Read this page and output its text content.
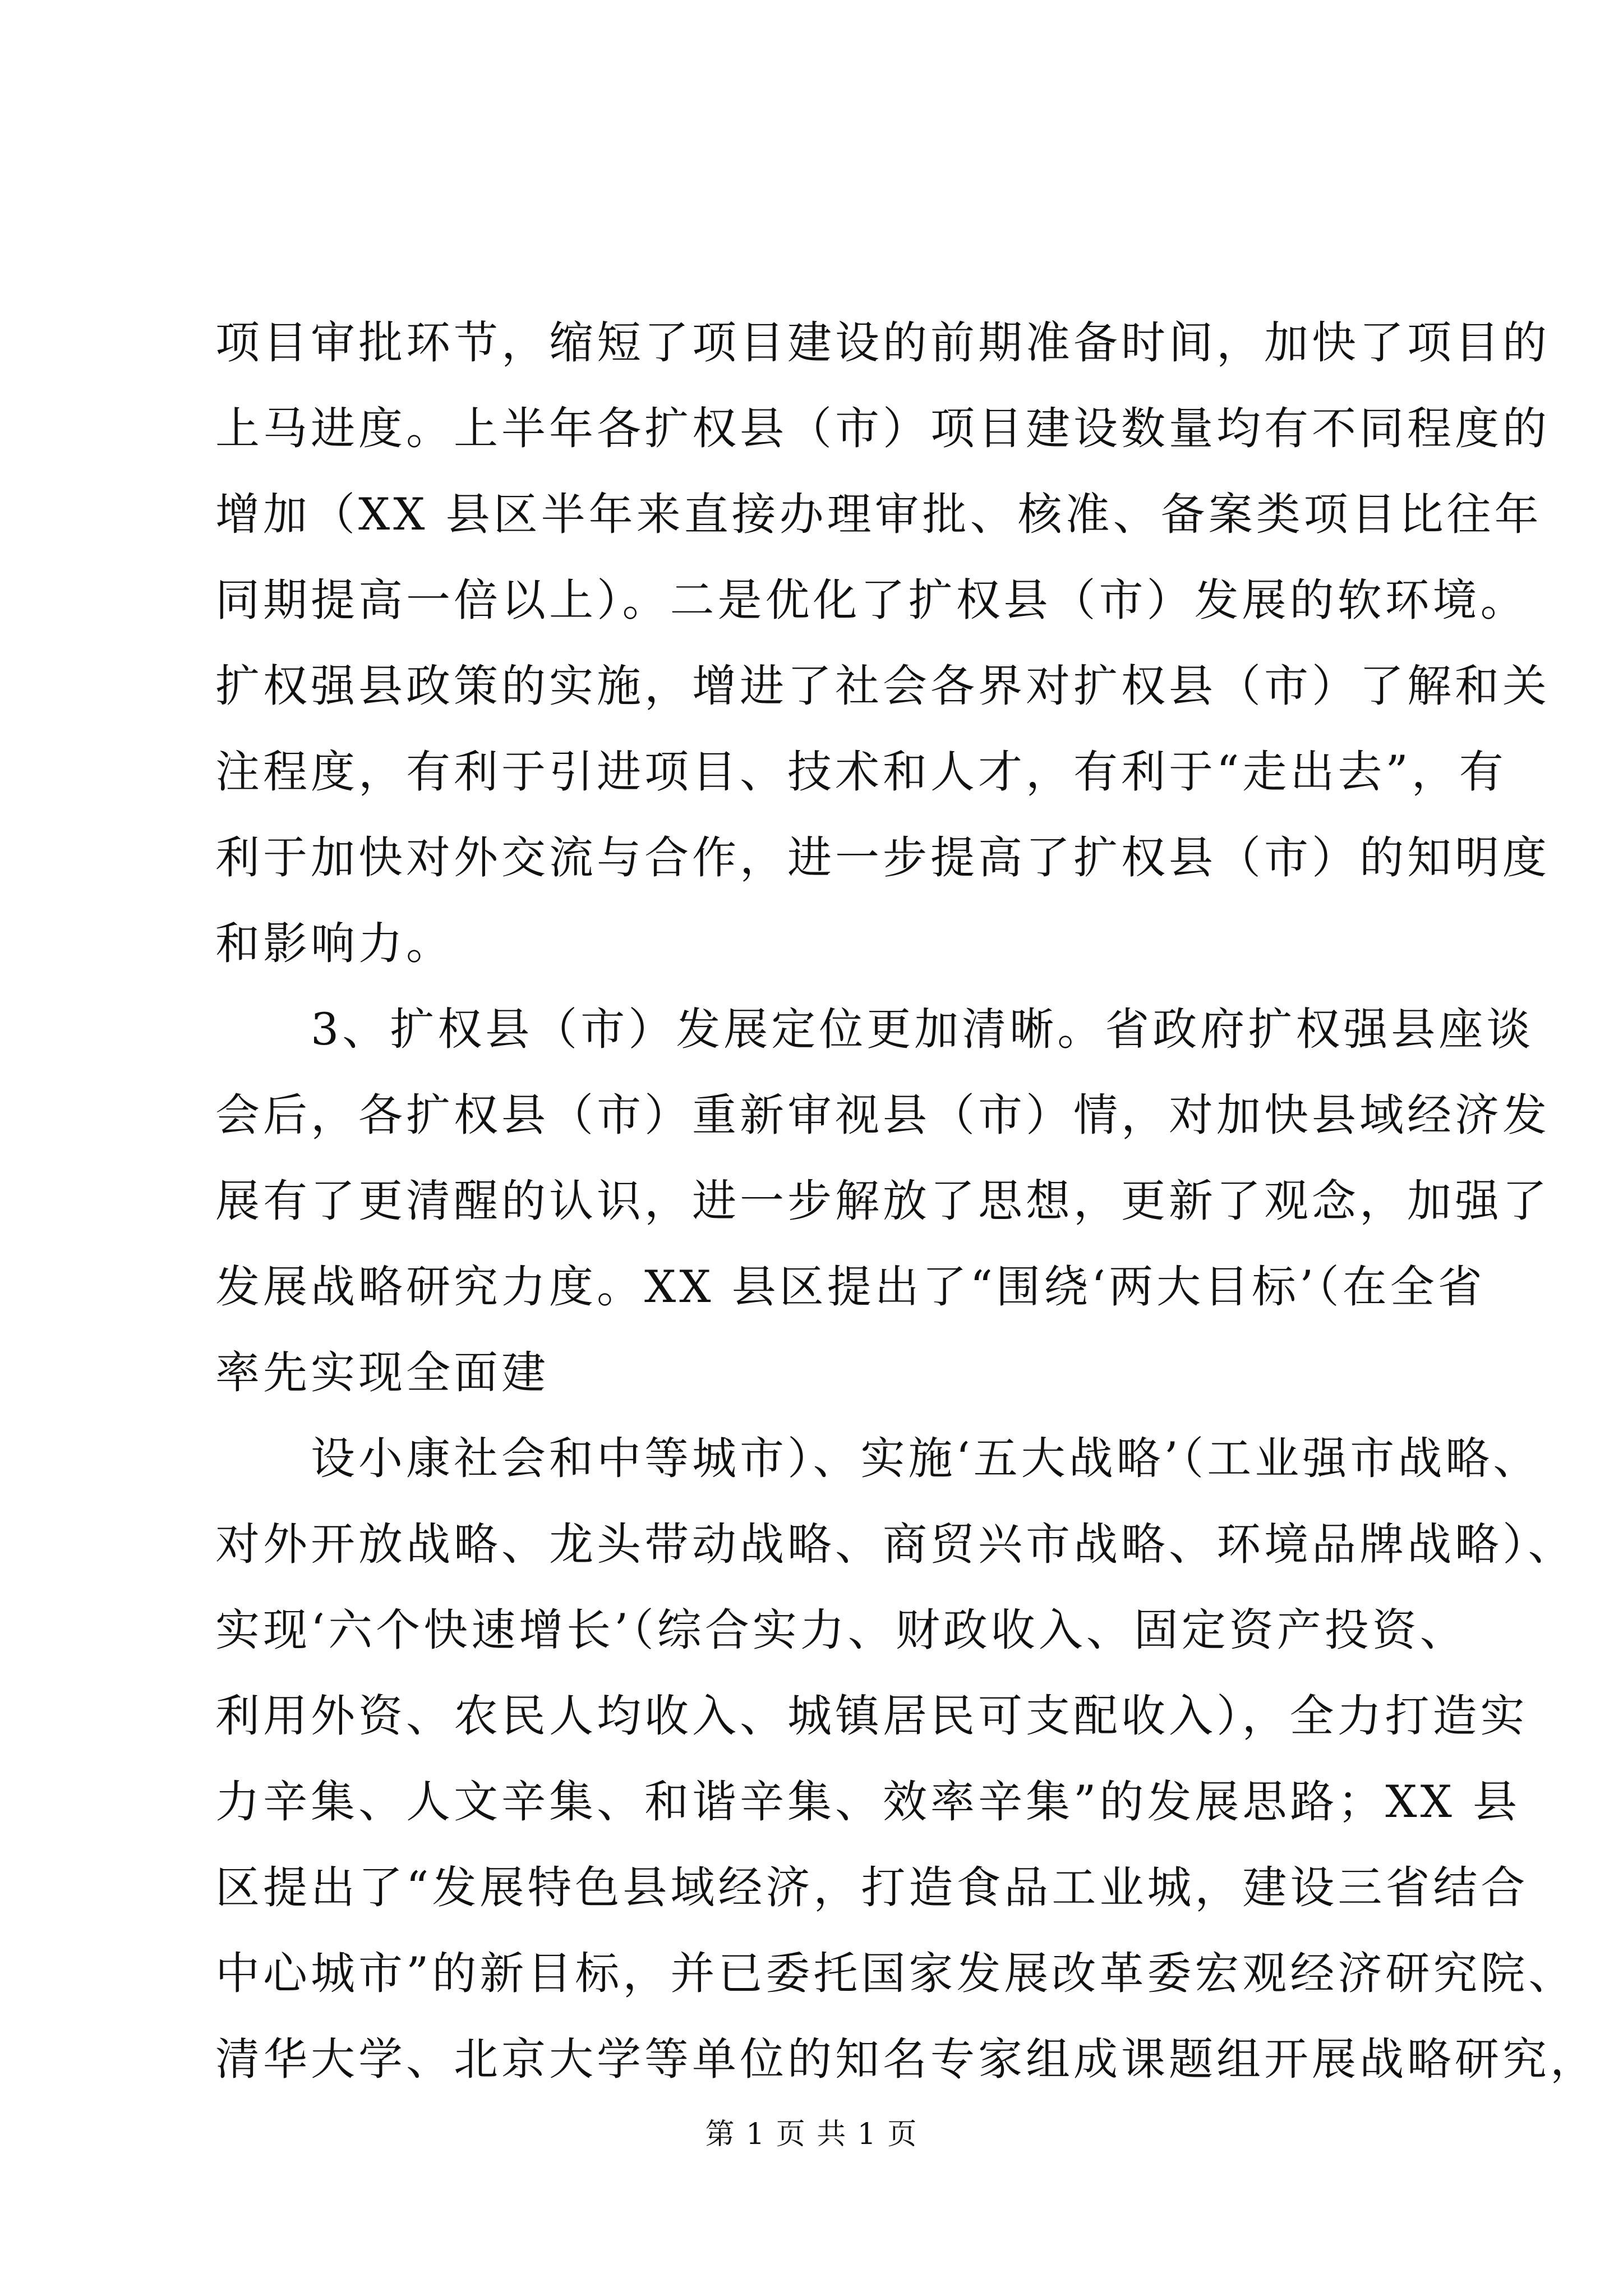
项目审批环节，缩短了项目建设的前期准备时间，加快了项目的
上马进度。上半年各扩权县（市）项目建设数量均有不同程度的
增加（XX 县区半年来直接办理审批、核准、备案类项目比往年
同期提高一倍以上）。二是优化了扩权县（市）发展的软环境。
扩权强县政策的实施，增进了社会各界对扩权县（市）了解和关
注程度，有利于引进项目、技术和人才，有利于“走出去”，有
利于加快对外交流与合作，进一步提高了扩权县（市）的知明度
和影响力。
　　3、扩权县（市）发展定位更加清晰。省政府扩权强县座谈
会后，各扩权县（市）重新审视县（市）情，对加快县域经济发
展有了更清醒的认识，进一步解放了思想，更新了观念，加强了
发展战略研究力度。XX 县区提出了“围绕‘两大目标’（在全省
率先实现全面建
　　设小康社会和中等城市）、实施‘五大战略’（工业强市战略、
对外开放战略、龙头带动战略、商贸兴市战略、环境品牌战略）、
实现‘六个快速增长’（综合实力、财政收入、固定资产投资、
利用外资、农民人均收入、城镇居民可支配收入），全力打造实
力辛集、人文辛集、和谐辛集、效率辛集”的发展思路；XX 县
区提出了“发展特色县域经济，打造食品工业城，建设三省结合
中心城市”的新目标，并已委托国家发展改革委宏观经济研究院、
清华大学、北京大学等单位的知名专家组成课题组开展战略研究，
第 1 页 共 1 页
